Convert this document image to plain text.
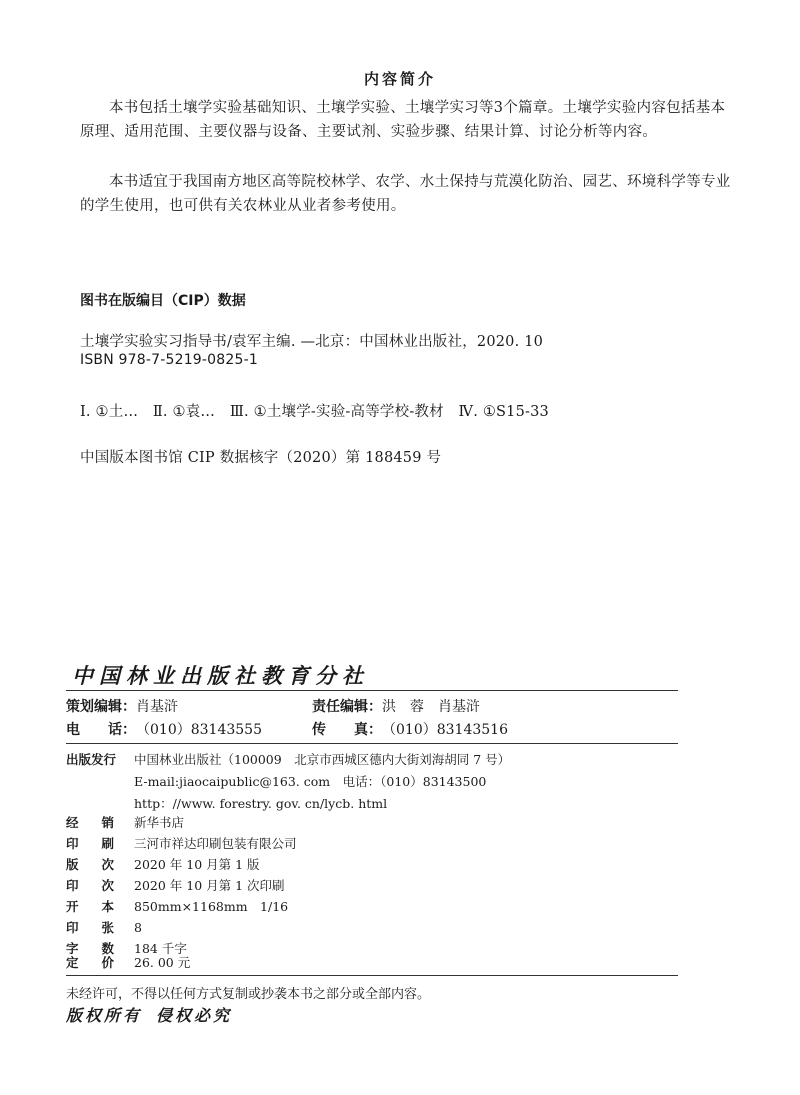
内容简介
本书包括土壤学实验基础知识、土壤学实验、土壤学实习等3个篇章。土壤学实验内容包括基本原理、适用范围、主要仪器与设备、主要试剂、实验步骤、结果计算、讨论分析等内容。
本书适宜于我国南方地区高等院校林学、农学、水土保持与荒漠化防治、园艺、环境科学等专业的学生使用，也可供有关农林业从业者参考使用。
图书在版编目（CIP）数据
土壤学实验实习指导书/袁军主编. —北京：中国林业出版社，2020. 10
ISBN 978-7-5219-0825-1
Ⅰ. ①土…　Ⅱ. ①袁…　Ⅲ. ①土壤学-实验-高等学校-教材　Ⅳ. ①S15-33
中国版本图书馆 CIP 数据核字（2020）第 188459 号
中国林业出版社教育分社
策划编辑：肖基浒	责任编辑：洪　蓉　肖基浒
电　　话：（010）83143555	传　　真：（010）83143516
出版发行 中国林业出版社（100009　北京市西城区德内大街刘海胡同 7 号）
E-mail:jiaocaipublic@163. com　电话：（010）83143500
http：//www. forestry. gov. cn/lycb. html
经 销 新华书店
印 刷 三河市祥达印刷包装有限公司
版 次 2020 年 10 月第 1 版
印 次 2020 年 10 月第 1 次印刷
开 本 850mm×1168mm　1/16
印 张 8
字 数 184 千字
定 价 26. 00 元
未经许可，不得以任何方式复制或抄袭本书之部分或全部内容。
版权所有 侵权必究
